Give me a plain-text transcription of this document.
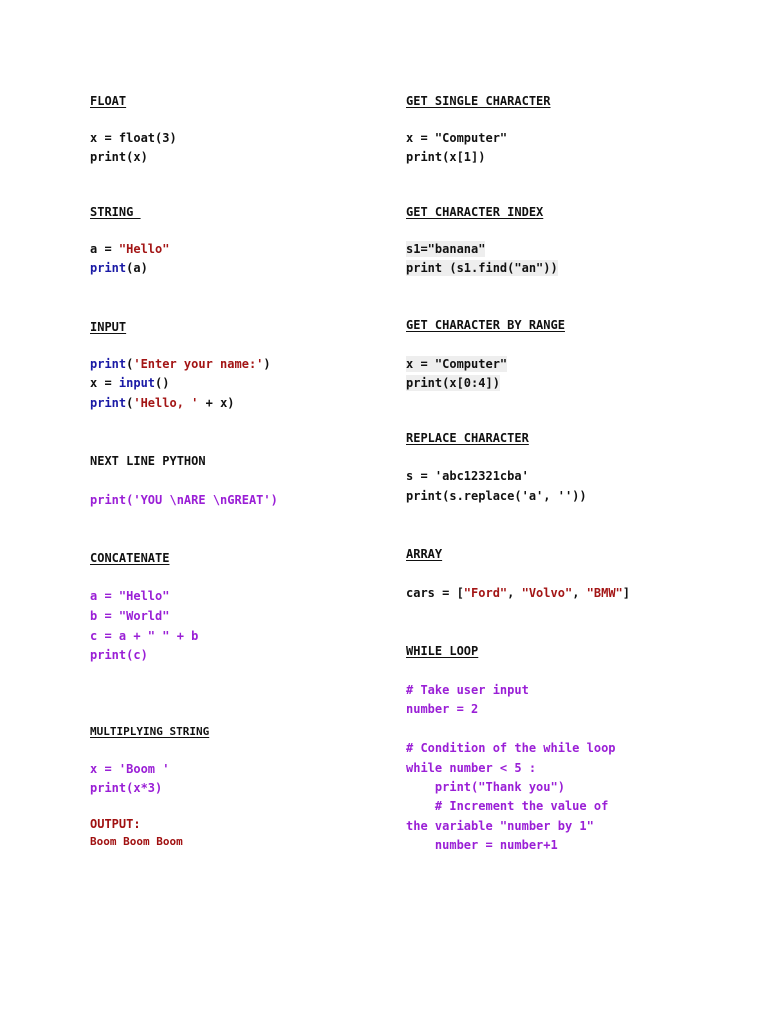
FLOAT
x = float(3)
print(x)
STRING
a = "Hello"
print(a)
INPUT
print('Enter your name:')
x = input()
print('Hello, ' + x)
NEXT LINE PYTHON
print('YOU \nARE \nGREAT')
CONCATENATE
a = "Hello"
b = "World"
c = a + " " + b
print(c)
MULTIPLYING STRING
x = 'Boom '
print(x*3)
OUTPUT:
Boom Boom Boom
GET SINGLE CHARACTER
x = "Computer"
print(x[1])
GET CHARACTER INDEX
s1="banana"
print (s1.find("an"))
GET CHARACTER BY RANGE
x = "Computer"
print(x[0:4])
REPLACE CHARACTER
s = 'abc12321cba'
print(s.replace('a', ''))
ARRAY
cars = ["Ford", "Volvo", "BMW"]
WHILE LOOP
# Take user input
number = 2
# Condition of the while loop
while number < 5 :
print("Thank you")
# Increment the value of
the variable "number by 1"
number = number+1
